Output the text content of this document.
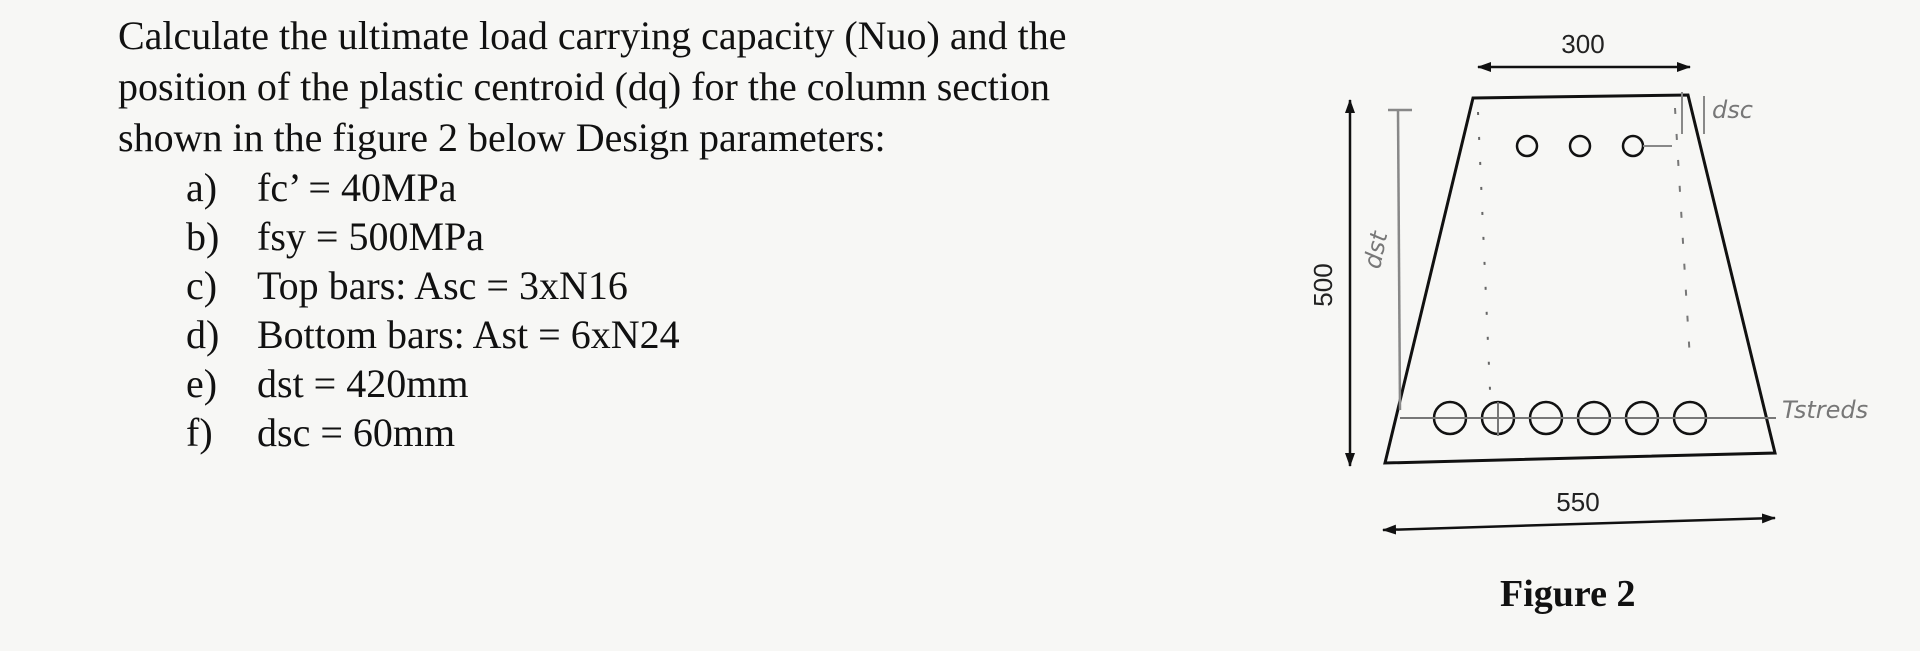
Calculate the ultimate load carrying capacity (Nuo) and the position of the plastic centroid (dq) for the column section shown in the figure 2 below Design parameters:

a) fc’ = 40MPa
b) fsy = 500MPa
c) Top bars: Asc = 3xN16
d) Bottom bars: Ast = 6xN24
e) dst = 420mm
f)	dsc = 60mm
300
500
dst
dsc
Tstreds
550
Figure 2
